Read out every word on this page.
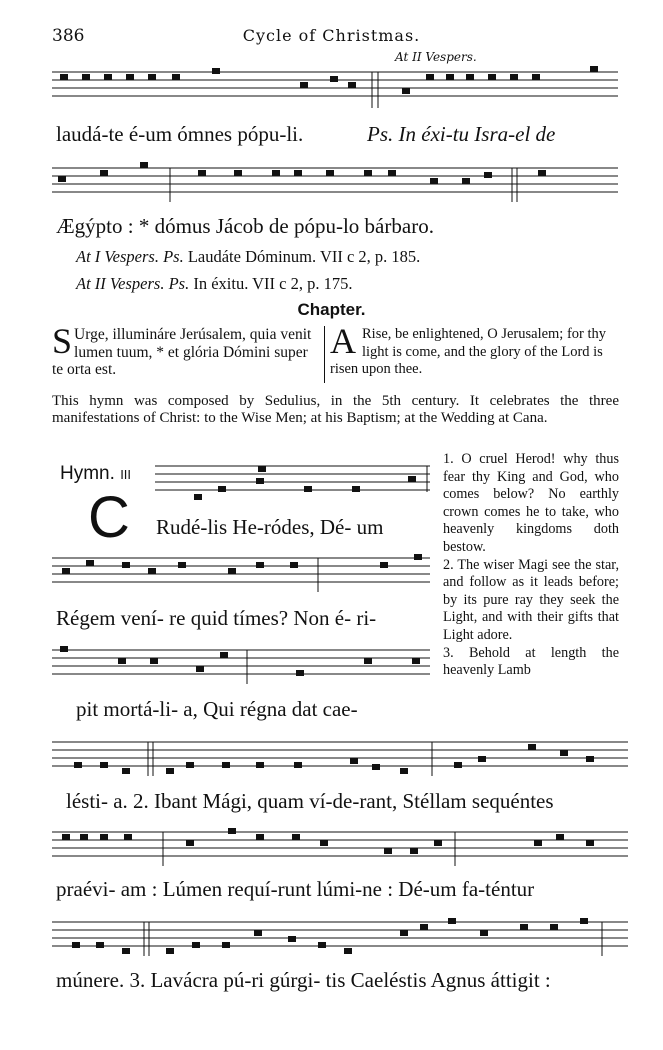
386	Cycle of Christmas.
At II Vespers.
laudá-te é-um ómnes pópu-li.	Ps. In éxi-tu Isra-el de
Ægýpto : * dómus Jácob de pópu-lo bárbaro.
At I Vespers. Ps. Laudáte Dóminum. VII c 2, p. 185.
At II Vespers. Ps. In éxitu. VII c 2, p. 175.
Chapter.
S Urge, illumináre Jerúsalem, quia venit lumen tuum, * et glória Dómini super te orta est.
A Rise, be enlightened, O Jerusalem; for thy light is come, and the glory of the Lord is risen upon thee.
This hymn was composed by Sedulius, in the 5th century. It celebrates the three manifestations of Christ: to the Wise Men; at his Baptism; at the Wedding at Cana.
Hymn. III
C Rudé-lis He-ródes, Dé- um
Régem vení- re quid tímes? Non é- ri-
pit mortá-li- a, Qui régna dat cae-
lésti- a. 2. Ibant Mági, quam ví-de-rant, Stéllam sequéntes
praévi- am : Lúmen requí-runt lúmi-ne : Dé-um fa-téntur
múnere. 3. Lavácra pú-ri gúrgi- tis Caeléstis Agnus áttigit :

1. O cruel Herod! why thus fear thy King and God, who comes below? No earthly crown comes he to take, who heavenly kingdoms doth bestow.

2. The wiser Magi see the star, and follow as it leads before; by its pure ray they seek the Light, and with their gifts that Light adore.

3. Behold at length the heavenly Lamb
